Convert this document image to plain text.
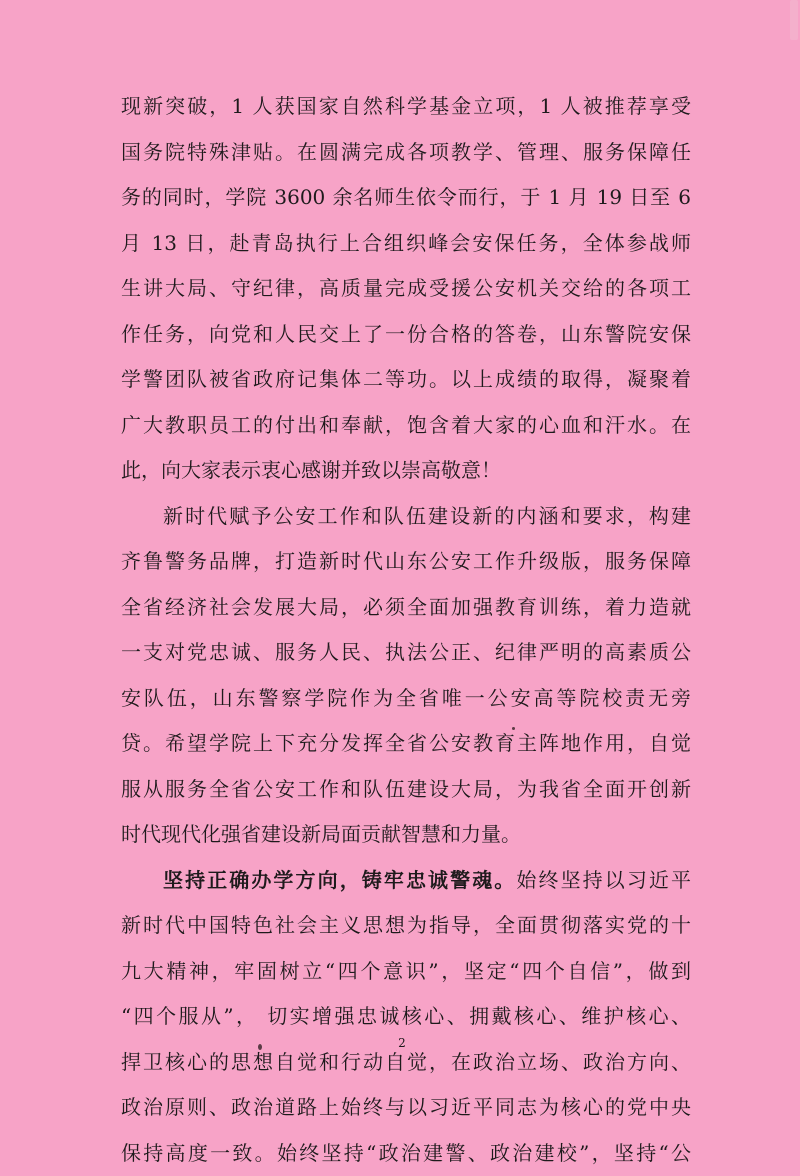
现新突破，1 人获国家自然科学基金立项，1 人被推荐享受
国务院特殊津贴。在圆满完成各项教学、管理、服务保障任
务的同时，学院 3600 余名师生依令而行，于 1 月 19 日至 6
月 13 日，赴青岛执行上合组织峰会安保任务，全体参战师
生讲大局、守纪律，高质量完成受援公安机关交给的各项工
作任务，向党和人民交上了一份合格的答卷，山东警院安保
学警团队被省政府记集体二等功。以上成绩的取得，凝聚着
广大教职员工的付出和奉献，饱含着大家的心血和汗水。在
此，向大家表示衷心感谢并致以崇高敬意！
新时代赋予公安工作和队伍建设新的内涵和要求，构建
齐鲁警务品牌，打造新时代山东公安工作升级版，服务保障
全省经济社会发展大局，必须全面加强教育训练，着力造就
一支对党忠诚、服务人民、执法公正、纪律严明的高素质公
安队伍，山东警察学院作为全省唯一公安高等院校责无旁
贷。希望学院上下充分发挥全省公安教育主阵地作用，自觉
服从服务全省公安工作和队伍建设大局，为我省全面开创新
时代现代化强省建设新局面贡献智慧和力量。
坚持正确办学方向，铸牢忠诚警魂。始终坚持以习近平
新时代中国特色社会主义思想为指导，全面贯彻落实党的十
九大精神，牢固树立“四个意识”，坚定“四个自信”，做到
“四个服从”， 切实增强忠诚核心、拥戴核心、维护核心、
捍卫核心的思想自觉和行动自觉，在政治立场、政治方向、
政治原则、政治道路上始终与以习近平同志为核心的党中央
保持高度一致。始终坚持“政治建警、政治建校”，坚持“公
2
